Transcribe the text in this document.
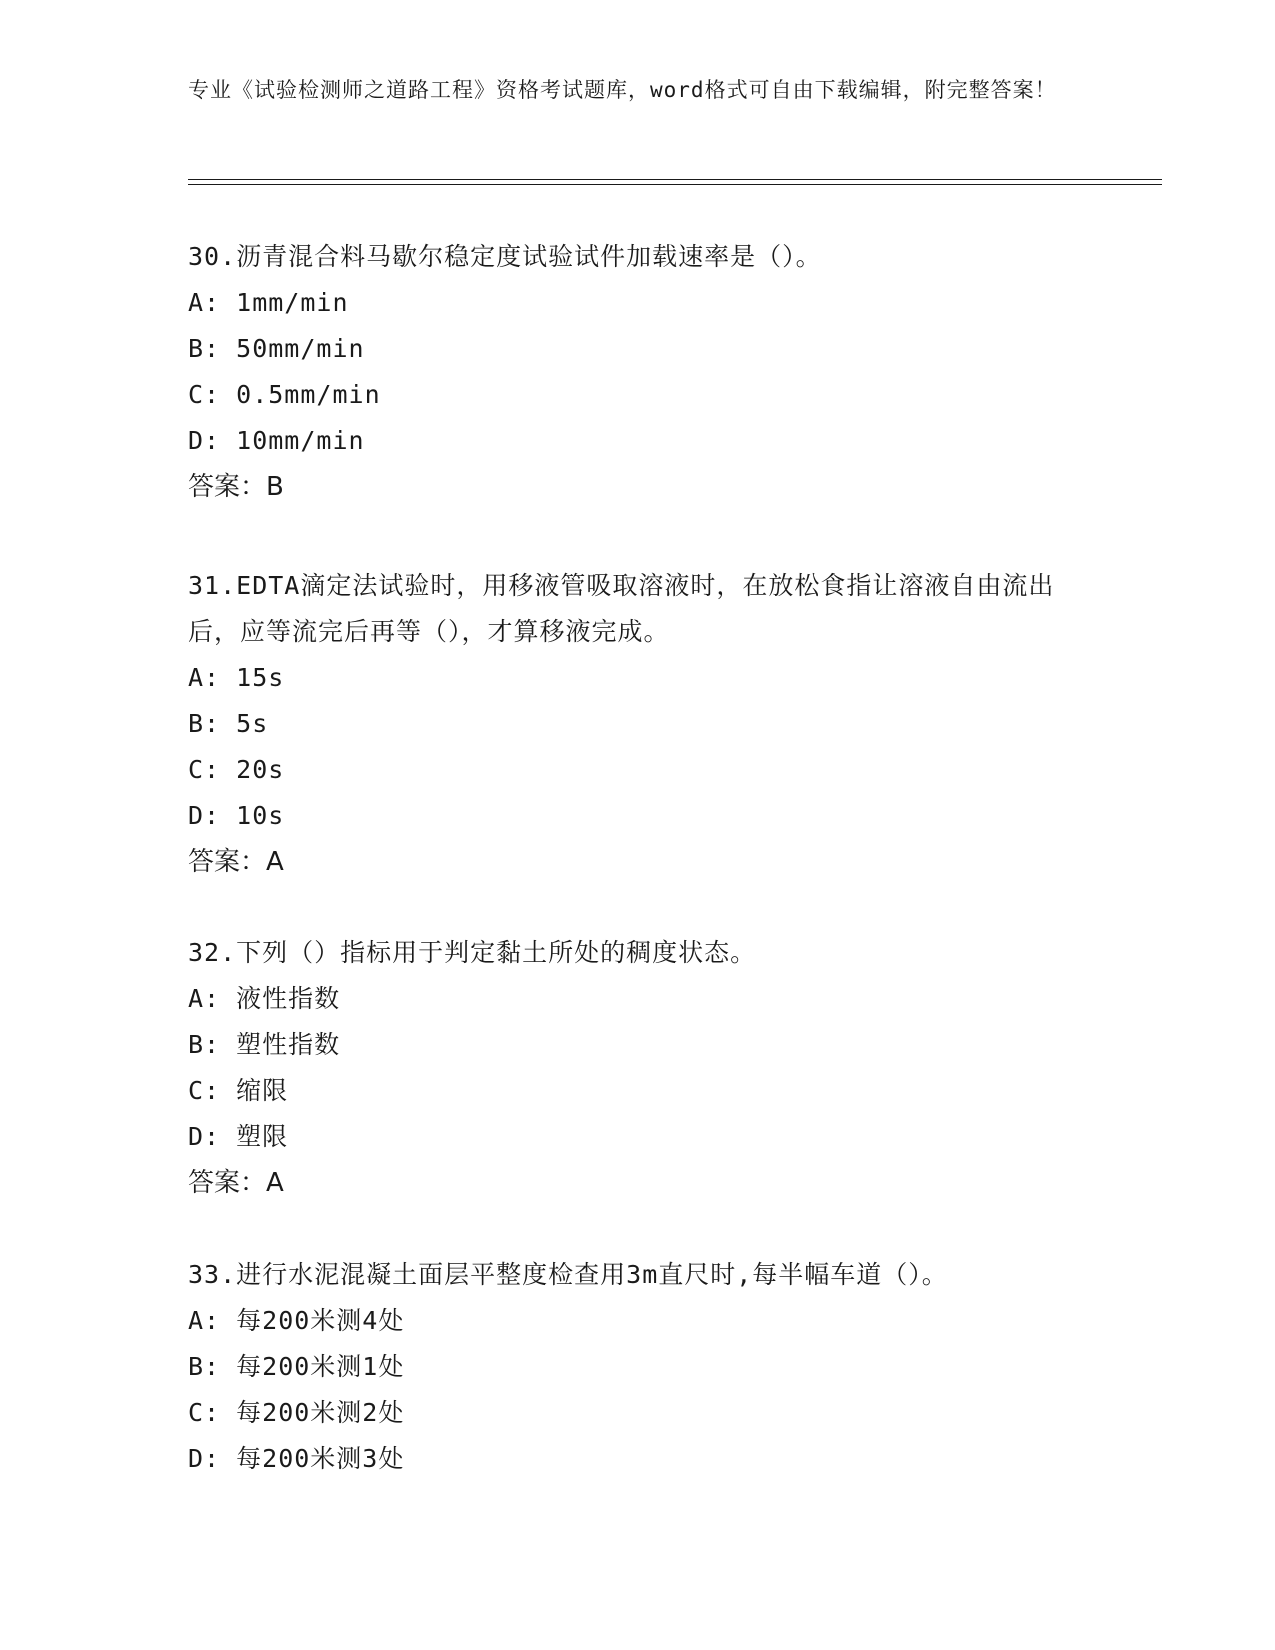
专业《试验检测师之道路工程》资格考试题库，word格式可自由下载编辑，附完整答案！

30.沥青混合料马歇尔稳定度试验试件加载速率是（）。

A: 1mm/min

B: 50mm/min

C: 0.5mm/min

D: 10mm/min

答案：B

31.EDTA滴定法试验时，用移液管吸取溶液时，在放松食指让溶液自由流出后，应等流完后再等（），才算移液完成。

A: 15s

B: 5s

C: 20s

D: 10s

答案：A

32.下列（）指标用于判定黏土所处的稠度状态。

A: 液性指数

B: 塑性指数

C: 缩限

D: 塑限

答案：A

33.进行水泥混凝土面层平整度检查用3m直尺时,每半幅车道（）。

A: 每200米测4处

B: 每200米测1处

C: 每200米测2处

D: 每200米测3处
